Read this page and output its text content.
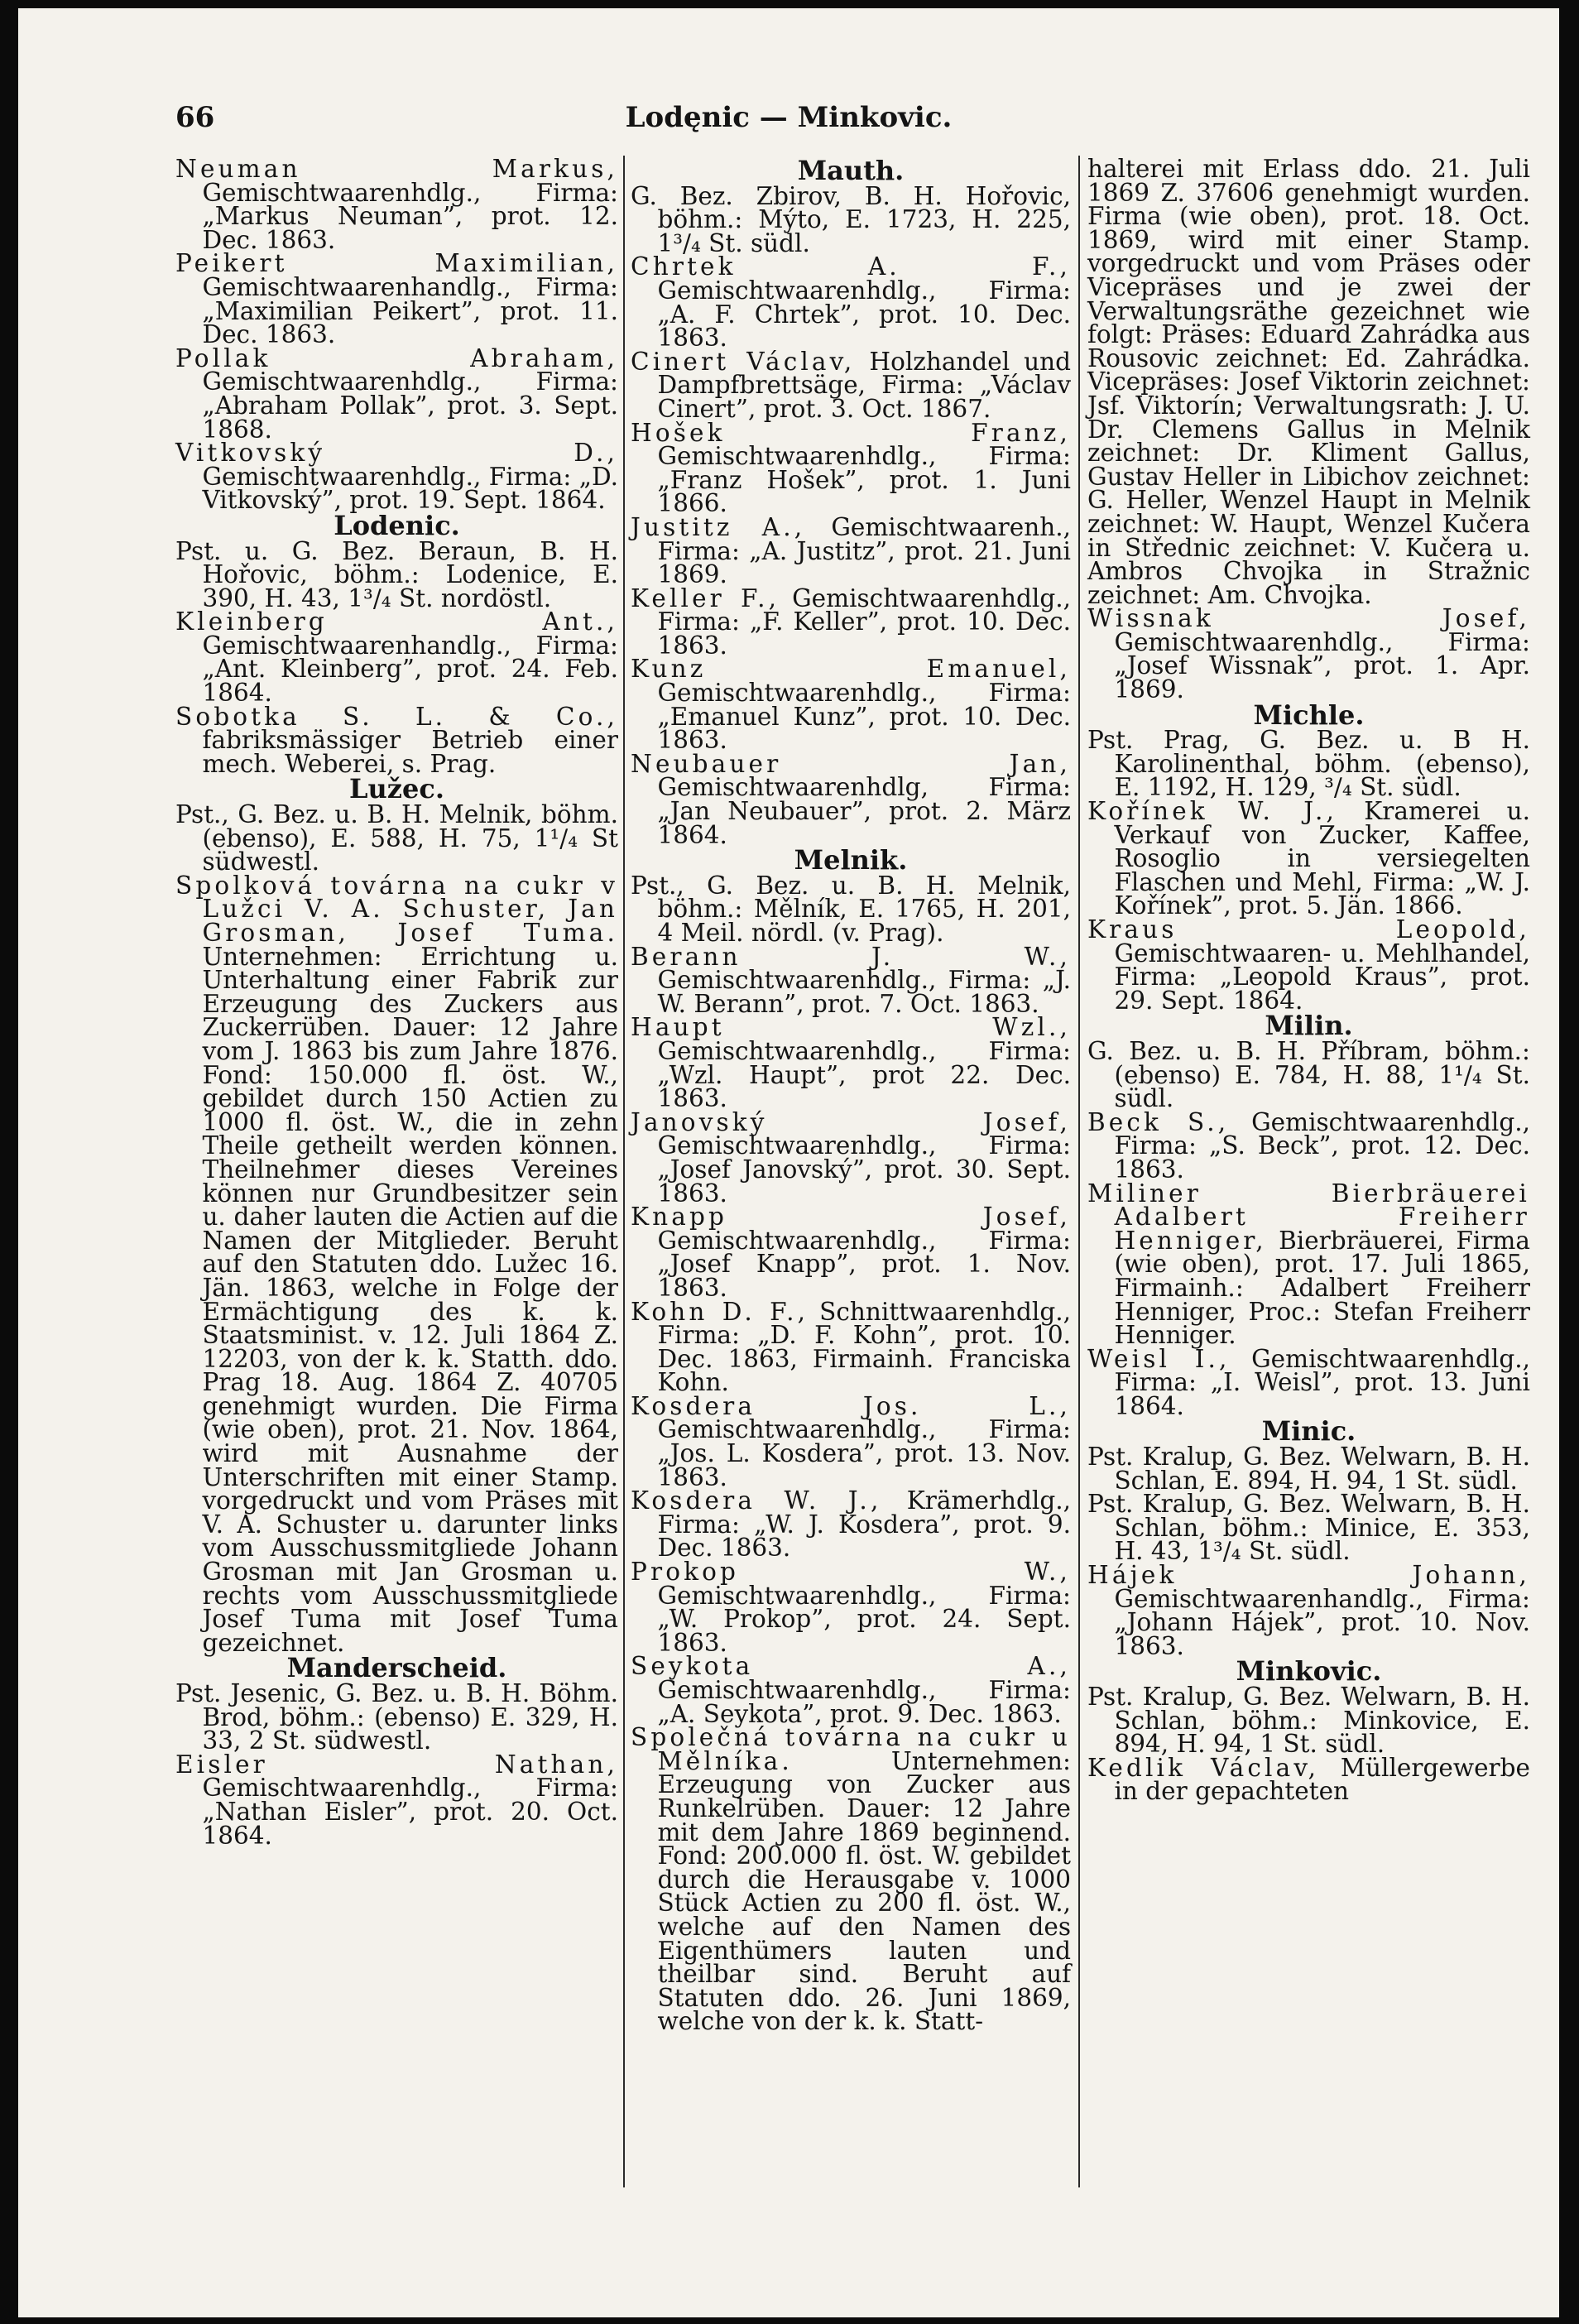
66	Lodęnic — Minkovic.

Neuman Markus, Gemischtwaarenhdlg., Firma: „Markus Neuman”, prot. 12. Dec. 1863.

Peikert Maximilian, Gemischtwaarenhandlg., Firma: „Maximilian Peikert”, prot. 11. Dec. 1863.

Pollak Abraham, Gemischtwaarenhdlg., Firma: „Abraham Pollak”, prot. 3. Sept. 1868.

Vitkovský D., Gemischtwaarenhdlg., Firma: „D. Vitkovský”, prot. 19. Sept. 1864.

Lodenic.

Pst. u. G. Bez. Beraun, B. H. Hořovic, böhm.: Lodenice, E. 390, H. 43, 1³/₄ St. nordöstl.

Kleinberg Ant., Gemischtwaarenhandlg., Firma: „Ant. Kleinberg”, prot. 24. Feb. 1864.

Sobotka S. L. & Co., fabriksmässiger Betrieb einer mech. Weberei, s. Prag.

Lužec.

Pst., G. Bez. u. B. H. Melnik, böhm. (ebenso), E. 588, H. 75, 1¹/₄ St südwestl.

Spolková továrna na cukr v Lužci V. A. Schuster, Jan Grosman, Josef Tuma. Unternehmen: Errichtung u. Unterhaltung einer Fabrik zur Erzeugung des Zuckers aus Zuckerrüben. Dauer: 12 Jahre vom J. 1863 bis zum Jahre 1876. Fond: 150.000 fl. öst. W., gebildet durch 150 Actien zu 1000 fl. öst. W., die in zehn Theile getheilt werden können. Theilnehmer dieses Vereines können nur Grundbesitzer sein u. daher lauten die Actien auf die Namen der Mitglieder. Beruht auf den Statuten ddo. Lužec 16. Jän. 1863, welche in Folge der Ermächtigung des k. k. Staatsminist. v. 12. Juli 1864 Z. 12203, von der k. k. Statth. ddo. Prag 18. Aug. 1864 Z. 40705 genehmigt wurden. Die Firma (wie oben), prot. 21. Nov. 1864, wird mit Ausnahme der Unterschriften mit einer Stamp. vorgedruckt und vom Präses mit V. A. Schuster u. darunter links vom Ausschussmitgliede Johann Grosman mit Jan Grosman u. rechts vom Ausschussmitgliede Josef Tuma mit Josef Tuma gezeichnet.

Manderscheid.

Pst. Jesenic, G. Bez. u. B. H. Böhm. Brod, böhm.: (ebenso) E. 329, H. 33, 2 St. südwestl.

Eisler Nathan, Gemischtwaarenhdlg., Firma: „Nathan Eisler”, prot. 20. Oct. 1864.

Mauth.

G. Bez. Zbirov, B. H. Hořovic, böhm.: Mýto, E. 1723, H. 225, 1³/₄ St. südl.

Chrtek A. F., Gemischtwaarenhdlg., Firma: „A. F. Chrtek”, prot. 10. Dec. 1863.

Cinert Václav, Holzhandel und Dampfbrettsäge, Firma: „Václav Cinert”, prot. 3. Oct. 1867.

Hošek Franz, Gemischtwaarenhdlg., Firma: „Franz Hošek”, prot. 1. Juni 1866.

Justitz A., Gemischtwaarenh., Firma: „A. Justitz”, prot. 21. Juni 1869.

Keller F., Gemischtwaarenhdlg., Firma: „F. Keller”, prot. 10. Dec. 1863.

Kunz Emanuel, Gemischtwaarenhdlg., Firma: „Emanuel Kunz”, prot. 10. Dec. 1863.

Neubauer Jan, Gemischtwaarenhdlg, Firma: „Jan Neubauer”, prot. 2. März 1864.

Melnik.

Pst., G. Bez. u. B. H. Melnik, böhm.: Mělník, E. 1765, H. 201, 4 Meil. nördl. (v. Prag).

Berann J. W., Gemischtwaarenhdlg., Firma: „J. W. Berann”, prot. 7. Oct. 1863.

Haupt Wzl., Gemischtwaarenhdlg., Firma: „Wzl. Haupt”, prot 22. Dec. 1863.

Janovský Josef, Gemischtwaarenhdlg., Firma: „Josef Janovský”, prot. 30. Sept. 1863.

Knapp Josef, Gemischtwaarenhdlg., Firma: „Josef Knapp”, prot. 1. Nov. 1863.

Kohn D. F., Schnittwaarenhdlg., Firma: „D. F. Kohn”, prot. 10. Dec. 1863, Firmainh. Franciska Kohn.

Kosdera Jos. L., Gemischtwaarenhdlg., Firma: „Jos. L. Kosdera”, prot. 13. Nov. 1863.

Kosdera W. J., Krämerhdlg., Firma: „W. J. Kosdera”, prot. 9. Dec. 1863.

Prokop W., Gemischtwaarenhdlg., Firma: „W. Prokop”, prot. 24. Sept. 1863.

Seykota A., Gemischtwaarenhdlg., Firma: „A. Seykota”, prot. 9. Dec. 1863.

Společná továrna na cukr u Mělníka. Unternehmen: Erzeugung von Zucker aus Runkelrüben. Dauer: 12 Jahre mit dem Jahre 1869 beginnend. Fond: 200.000 fl. öst. W. gebildet durch die Herausgabe v. 1000 Stück Actien zu 200 fl. öst. W., welche auf den Namen des Eigenthümers lauten und theilbar sind. Beruht auf Statuten ddo. 26. Juni 1869, welche von der k. k. Statt-

halterei mit Erlass ddo. 21. Juli 1869 Z. 37606 genehmigt wurden. Firma (wie oben), prot. 18. Oct. 1869, wird mit einer Stamp. vorgedruckt und vom Präses oder Vicepräses und je zwei der Verwaltungsräthe gezeichnet wie folgt: Präses: Eduard Zahrádka aus Rousovic zeichnet: Ed. Zahrádka. Vicepräses: Josef Viktorin zeichnet: Jsf. Viktorín; Verwaltungsrath: J. U. Dr. Clemens Gallus in Melnik zeichnet: Dr. Kliment Gallus, Gustav Heller in Libichov zeichnet: G. Heller, Wenzel Haupt in Melnik zeichnet: W. Haupt, Wenzel Kučera in Střednic zeichnet: V. Kučera u. Ambros Chvojka in Stražnic zeichnet: Am. Chvojka.

Wissnak Josef, Gemischtwaarenhdlg., Firma: „Josef Wissnak”, prot. 1. Apr. 1869.

Michle.

Pst. Prag, G. Bez. u. B H. Karolinenthal, böhm. (ebenso), E. 1192, H. 129, ³/₄ St. südl.

Kořínek W. J., Kramerei u. Verkauf von Zucker, Kaffee, Rosoglio in versiegelten Flaschen und Mehl, Firma: „W. J. Kořínek”, prot. 5. Jän. 1866.

Kraus Leopold, Gemischtwaaren- u. Mehlhandel, Firma: „Leopold Kraus”, prot. 29. Sept. 1864.

Milin.

G. Bez. u. B. H. Příbram, böhm.: (ebenso) E. 784, H. 88, 1¹/₄ St. südl.

Beck S., Gemischtwaarenhdlg., Firma: „S. Beck”, prot. 12. Dec. 1863.

Miliner Bierbräuerei Adalbert Freiherr Henniger, Bierbräuerei, Firma (wie oben), prot. 17. Juli 1865, Firmainh.: Adalbert Freiherr Henniger, Proc.: Stefan Freiherr Henniger.

Weisl I., Gemischtwaarenhdlg., Firma: „I. Weisl”, prot. 13. Juni 1864.

Minic.

Pst. Kralup, G. Bez. Welwarn, B. H. Schlan, E. 894, H. 94, 1 St. südl.

Pst. Kralup, G. Bez. Welwarn, B. H. Schlan, böhm.: Minice, E. 353, H. 43, 1³/₄ St. südl.

Hájek Johann, Gemischtwaarenhandlg., Firma: „Johann Hájek”, prot. 10. Nov. 1863.

Minkovic.

Pst. Kralup, G. Bez. Welwarn, B. H. Schlan, böhm.: Minkovice, E. 894, H. 94, 1 St. südl.

Kedlik Václav, Müllergewerbe in der gepachteten
